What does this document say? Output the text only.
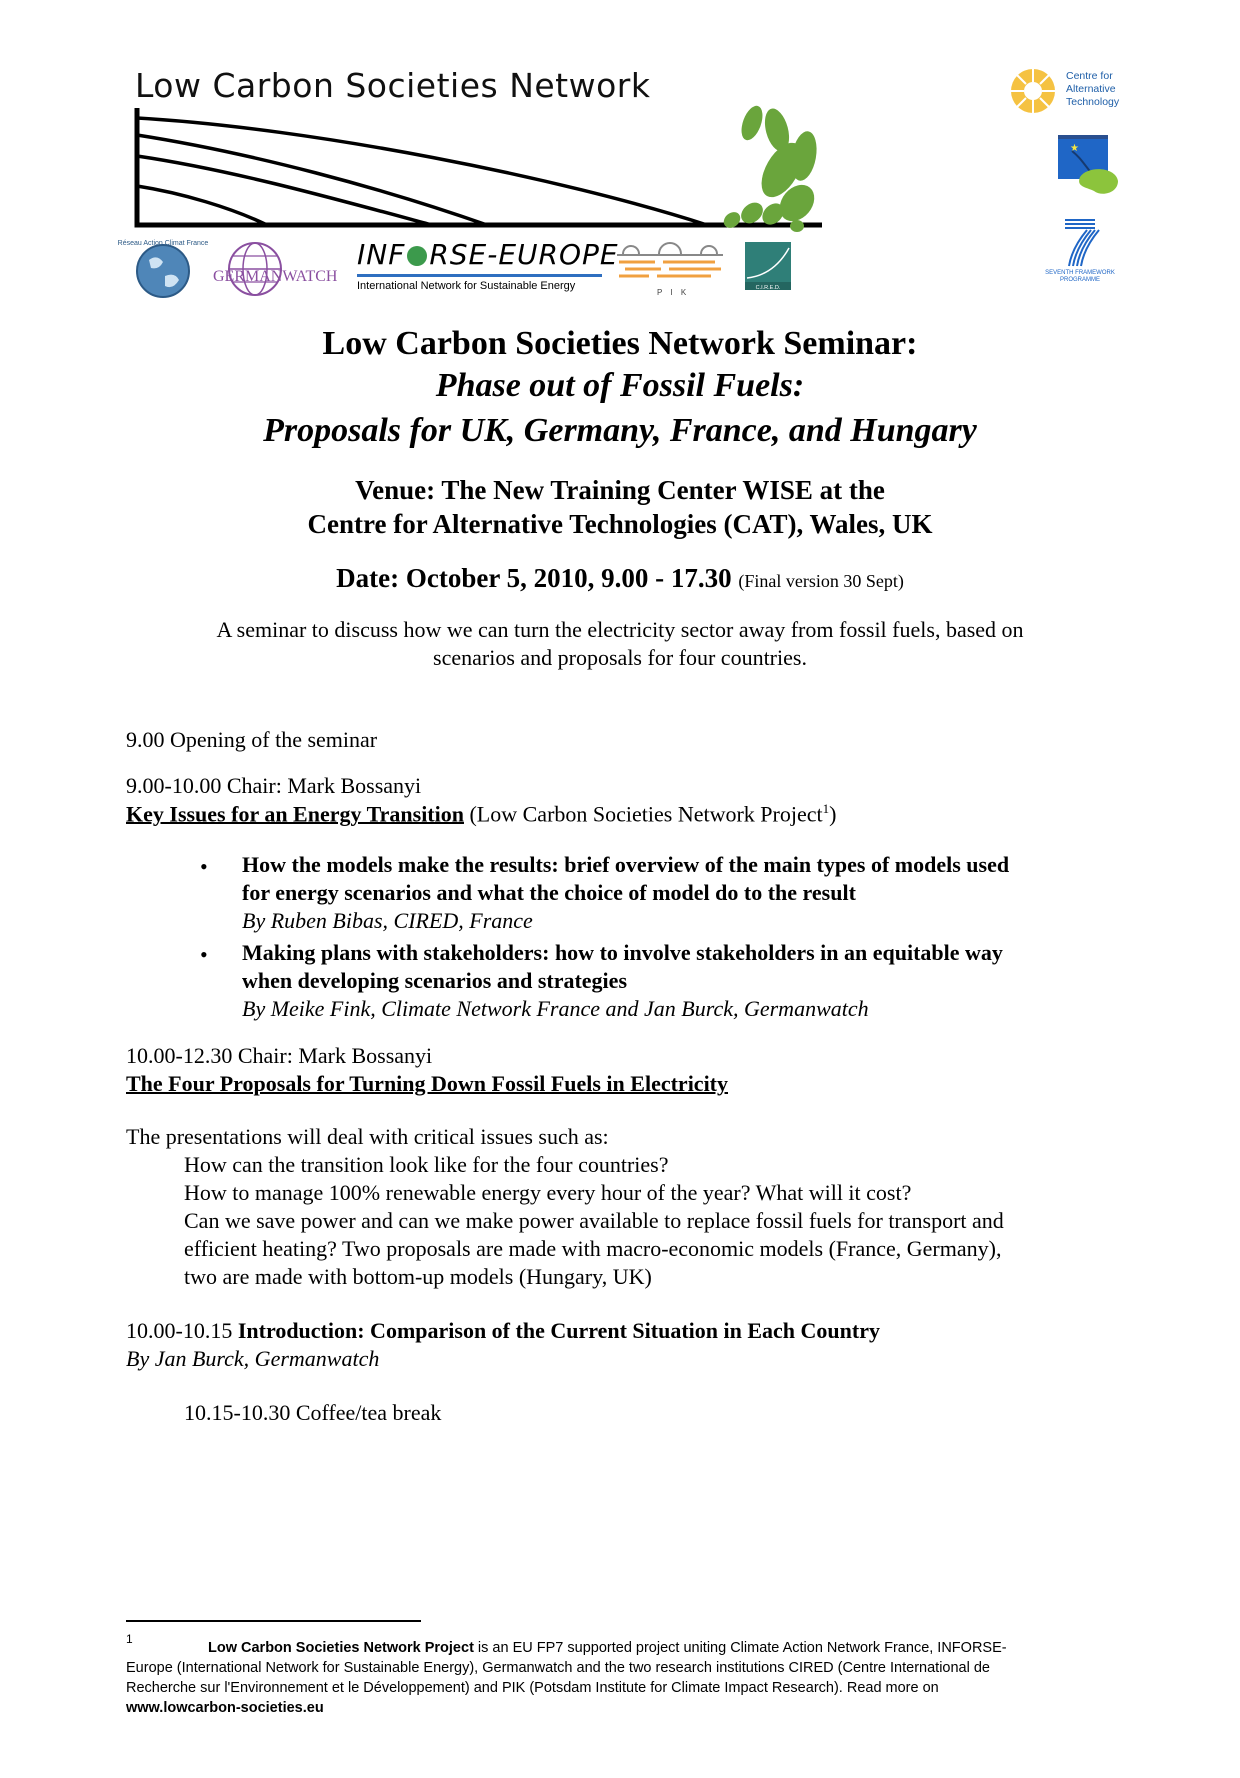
Low Carbon Societies Network
Réseau Action Climat France
GERMANWATCH
INF RSE-EUROPE
International Network for Sustainable Energy
P I K	C.I.R.E.D.
Centre for
Alternative
Technology
★
SEVENTH FRAMEWORK
PROGRAMME
Low Carbon Societies Network Seminar:
Phase out of Fossil Fuels:
Proposals for UK, Germany, France, and Hungary
Venue: The New Training Center WISE at the
Centre for Alternative Technologies (CAT), Wales, UK
Date: October 5, 2010, 9.00 - 17.30 (Final version 30 Sept)
A seminar to discuss how we can turn the electricity sector away from fossil fuels, based on
scenarios and proposals for four countries.
9.00 Opening of the seminar
9.00-10.00 Chair: Mark Bossanyi
Key Issues for an Energy Transition (Low Carbon Societies Network Project$^1$)
• How the models make the results: brief overview of the main types of models used
for energy scenarios and what the choice of model do to the result
By Ruben Bibas, CIRED, France
• Making plans with stakeholders: how to involve stakeholders in an equitable way
when developing scenarios and strategies
By Meike Fink, Climate Network France and Jan Burck, Germanwatch
10.00-12.30 Chair: Mark Bossanyi
The Four Proposals for Turning Down Fossil Fuels in Electricity
The presentations will deal with critical issues such as:
How can the transition look like for the four countries?
How to manage 100% renewable energy every hour of the year? What will it cost?
Can we save power and can we make power available to replace fossil fuels for transport and
efficient heating? Two proposals are made with macro-economic models (France, Germany),
two are made with bottom-up models (Hungary, UK)
10.00-10.15 Introduction: Comparison of the Current Situation in Each Country
By Jan Burck, Germanwatch
10.15-10.30 Coffee/tea break
1
Low Carbon Societies Network Project is an EU FP7 supported project uniting Climate Action Network France, INFORSE-
Europe (International Network for Sustainable Energy), Germanwatch and the two research institutions CIRED (Centre International de
Recherche sur l'Environnement et le Développement) and PIK (Potsdam Institute for Climate Impact Research). Read more on
www.lowcarbon-societies.eu
